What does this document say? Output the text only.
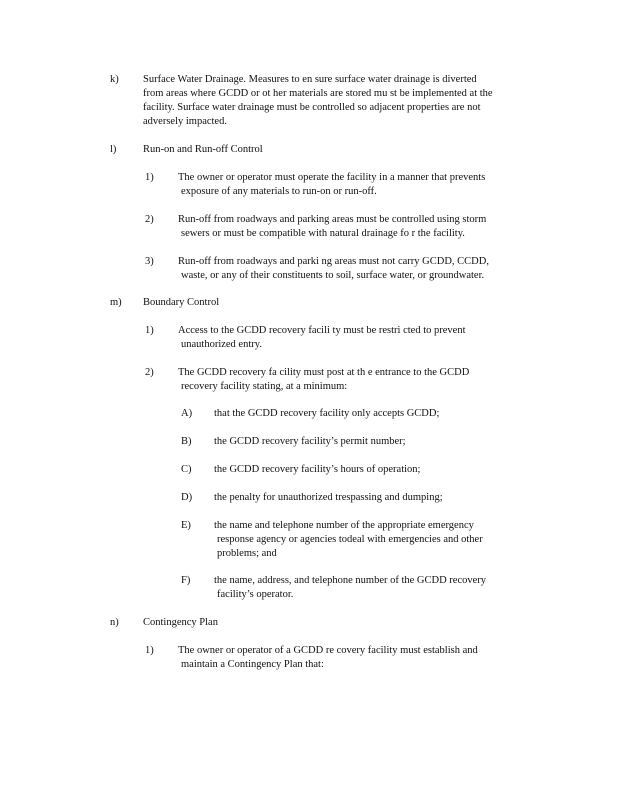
k) Surface Water Drainage. Measures to en sure surface water drainage is diverted
from areas where GCDD or ot her materials are stored mu st be implemented at the
facility. Surface water drainage must be controlled so adjacent properties are not
adversely impacted.
l)	Run-on and Run-off Control
1) The owner or operator must operate the facility in a manner that prevents
exposure of any materials to run-on or run-off.
2) Run-off from roadways and parking areas must be controlled using storm
sewers or must be compatible with natural drainage fo r the facility.
3) Run-off from roadways and parki ng areas must not carry GCDD, CCDD,
waste, or any of their constituents to soil, surface water, or groundwater.
m) Boundary Control
1) Access to the GCDD recovery facili ty must be restri cted to prevent
unauthorized entry.
2) The GCDD recovery fa cility must post at th e entrance to the GCDD
recovery facility stating, at a minimum:
A) that the GCDD recovery facility only accepts GCDD;
B) the GCDD recovery facility’s permit number;
C) the GCDD recovery facility’s hours of operation;
D) the penalty for unauthorized trespassing and dumping;
E) the name and telephone number of the appropriate emergency
response agency or agencies todeal with emergencies and other
problems; and
F) the name, address, and telephone number of the GCDD recovery
facility’s operator.
n) Contingency Plan
1) The owner or operator of a GCDD re covery facility must establish and
maintain a Contingency Plan that:
